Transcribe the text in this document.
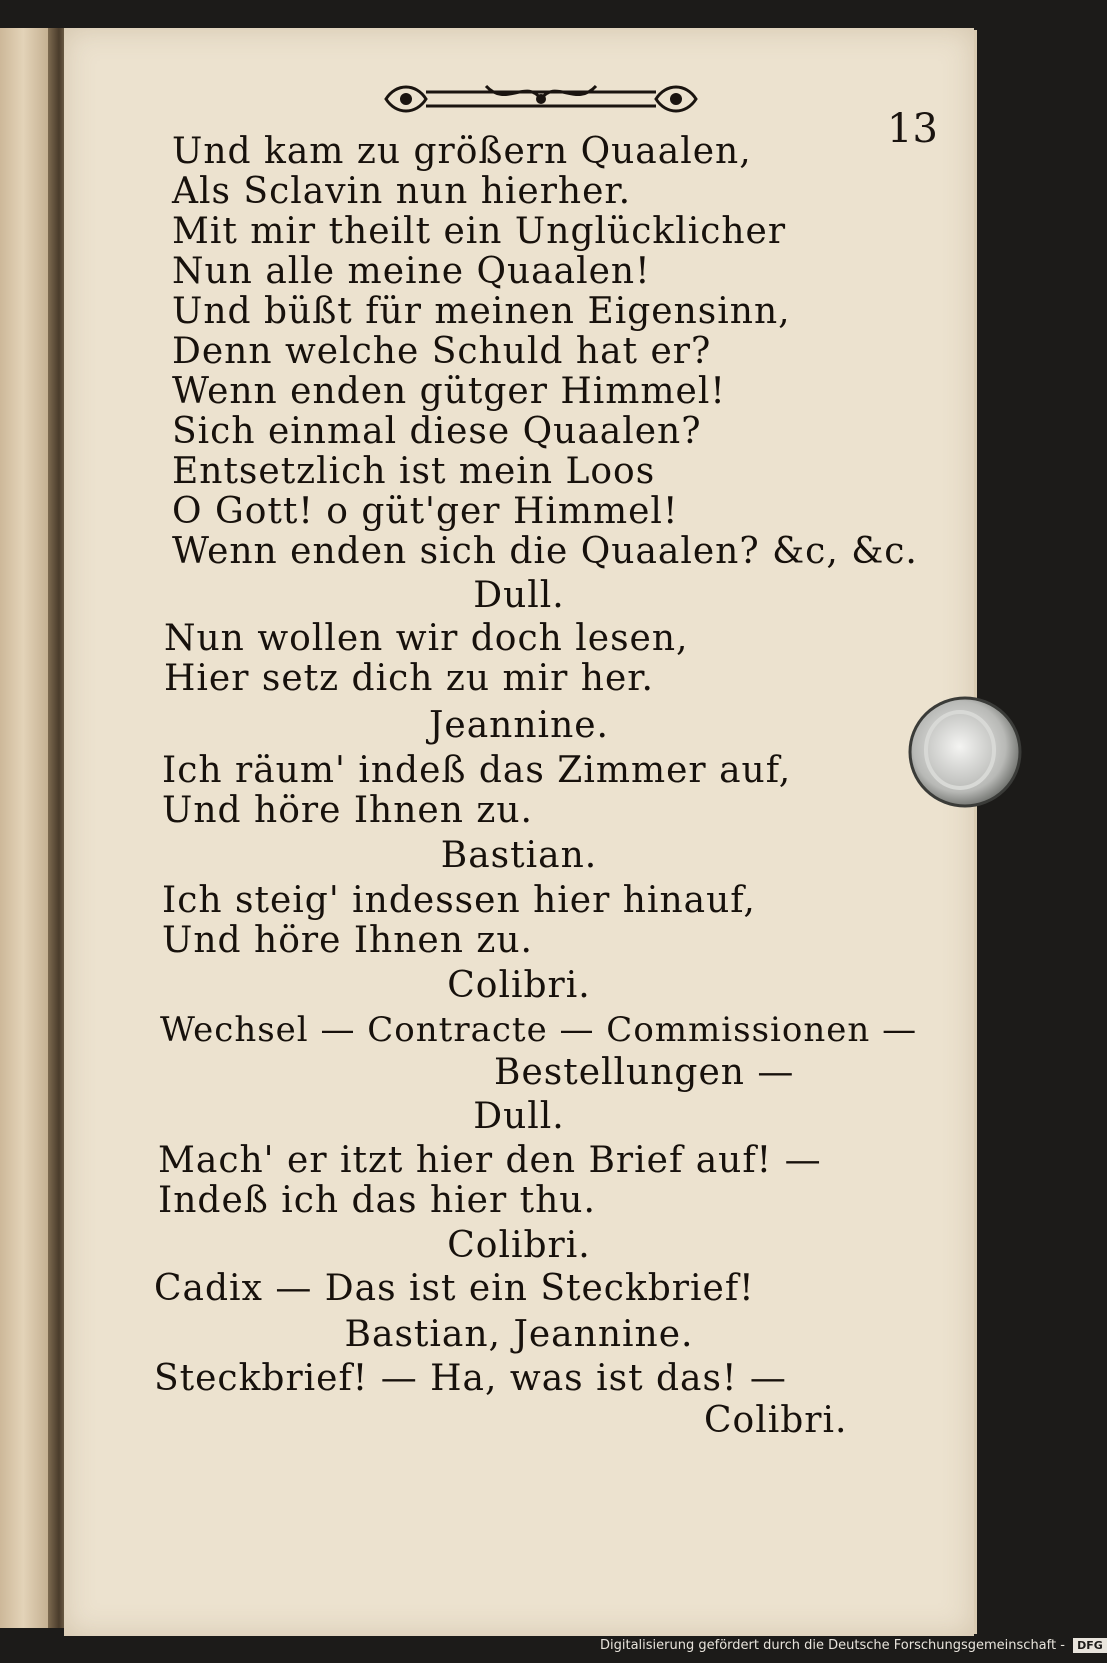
13
Und kam zu größern Quaalen,
Als Sclavin nun hierher.
Mit mir theilt ein Unglücklicher
Nun alle meine Quaalen!
Und büßt für meinen Eigensinn,
Denn welche Schuld hat er?
Wenn enden gütger Himmel!
Sich einmal diese Quaalen?
Entsetzlich ist mein Loos
O Gott! o güt'ger Himmel!
Wenn enden sich die Quaalen? &c, &c.
Dull.
Nun wollen wir doch lesen,
Hier setz dich zu mir her.
Jeannine.
Ich räum' indeß das Zimmer auf,
Und höre Ihnen zu.
Bastian.
Ich steig' indessen hier hinauf,
Und höre Ihnen zu.
Colibri.
Wechsel — Contracte — Commissionen —
Bestellungen —
Dull.
Mach' er itzt hier den Brief auf! —
Indeß ich das hier thu.
Colibri.
Cadix — Das ist ein Steckbrief!
Bastian, Jeannine.
Steckbrief! — Ha, was ist das! —
Colibri.
Digitalisierung gefördert durch die Deutsche Forschungsgemeinschaft - DFG
